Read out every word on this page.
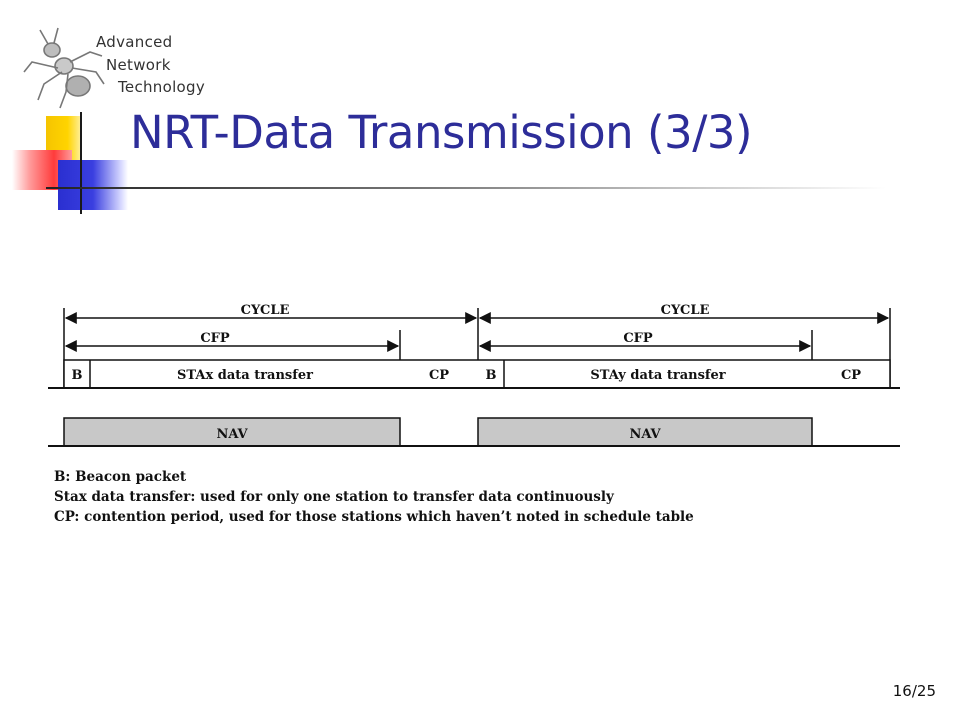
Advanced
Network
Technology
NRT-Data Transmission (3/3)
CYCLE	CYCLE
CFP	CFP
B	STAx data transfer	CP	B	STAy data transfer	CP
NAV	NAV
B: Beacon packet
Stax data transfer: used for only one station to transfer data continuously
CP: contention period, used for those stations which haven’t noted in schedule table
16/25
